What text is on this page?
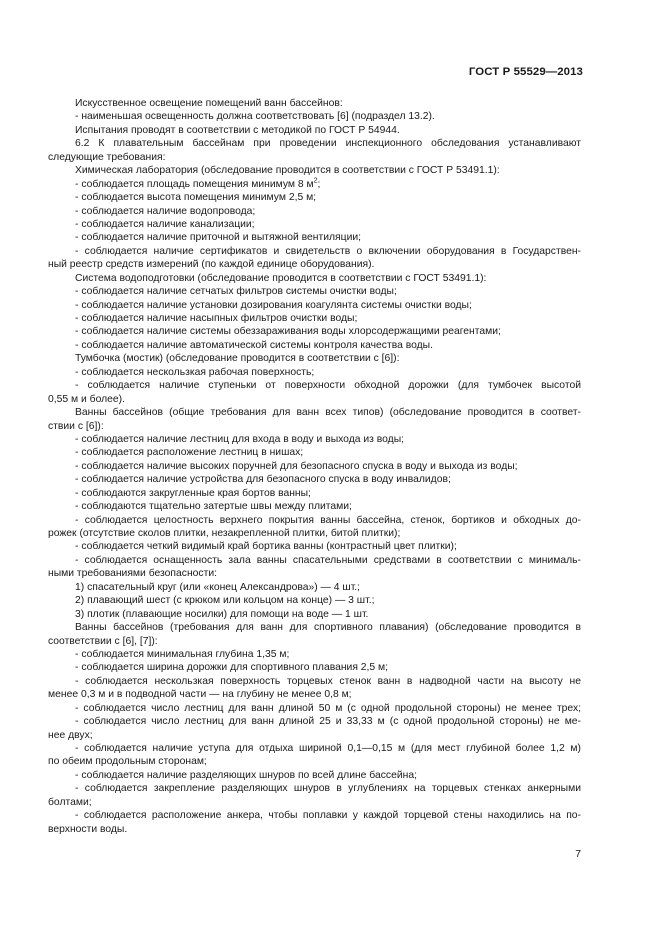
ГОСТ Р 55529—2013
Искусственное освещение помещений ванн бассейнов:
- наименьшая освещенность должна соответствовать [6] (подраздел 13.2).
Испытания проводят в соответствии с методикой по ГОСТ Р 54944.
6.2 К плавательным бассейнам при проведении инспекционного обследования устанавливают
следующие требования:
Химическая лаборатория (обследование проводится в соответствии с ГОСТ Р 53491.1):
- соблюдается площадь помещения минимум 8 $м^2$;
- соблюдается высота помещения минимум 2,5 м;
- соблюдается наличие водопровода;
- соблюдается наличие канализации;
- соблюдается наличие приточной и вытяжной вентиляции;
- соблюдается наличие сертификатов и свидетельств о включении оборудования в Государствен-
ный реестр средств измерений (по каждой единице оборудования).
Система водоподготовки (обследование проводится в соответствии с ГОСТ 53491.1):
- соблюдается наличие сетчатых фильтров системы очистки воды;
- соблюдается наличие установки дозирования коагулянта системы очистки воды;
- соблюдается наличие насыпных фильтров очистки воды;
- соблюдается наличие системы обеззараживания воды хлорсодержащими реагентами;
- соблюдается наличие автоматической системы контроля качества воды.
Тумбочка (мостик) (обследование проводится в соответствии с [6]):
- соблюдается нескользкая рабочая поверхность;
- соблюдается наличие ступеньки от поверхности обходной дорожки (для тумбочек высотой
0,55 м и более).
Ванны бассейнов (общие требования для ванн всех типов) (обследование проводится в соответ-
ствии с [6]):
- соблюдается наличие лестниц для входа в воду и выхода из воды;
- соблюдается расположение лестниц в нишах;
- соблюдается наличие высоких поручней для безопасного спуска в воду и выхода из воды;
- соблюдается наличие устройства для безопасного спуска в воду инвалидов;
- соблюдаются закругленные края бортов ванны;
- соблюдаются тщательно затертые швы между плитами;
- соблюдается целостность верхнего покрытия ванны бассейна, стенок, бортиков и обходных до-
рожек (отсутствие сколов плитки, незакрепленной плитки, битой плитки);
- соблюдается четкий видимый край бортика ванны (контрастный цвет плитки);
- соблюдается оснащенность зала ванны спасательными средствами в соответствии с минималь-
ными требованиями безопасности:
1) спасательный круг (или «конец Александрова») — 4 шт.;
2) плавающий шест (с крюком или кольцом на конце) — 3 шт.;
3) плотик (плавающие носилки) для помощи на воде — 1 шт.
Ванны бассейнов (требования для ванн для спортивного плавания) (обследование проводится в
соответствии с [6], [7]):
- соблюдается минимальная глубина 1,35 м;
- соблюдается ширина дорожки для спортивного плавания 2,5 м;
- соблюдается нескользкая поверхность торцевых стенок ванн в надводной части на высоту не
менее 0,3 м и в подводной части — на глубину не менее 0,8 м;
- соблюдается число лестниц для ванн длиной 50 м (с одной продольной стороны) не менее трех;
- соблюдается число лестниц для ванн длиной 25 и 33,33 м (с одной продольной стороны) не ме-
нее двух;
- соблюдается наличие уступа для отдыха шириной 0,1—0,15 м (для мест глубиной более 1,2 м)
по обеим продольным сторонам;
- соблюдается наличие разделяющих шнуров по всей длине бассейна;
- соблюдается закрепление разделяющих шнуров в углублениях на торцевых стенках анкерными
болтами;
- соблюдается расположение анкера, чтобы поплавки у каждой торцевой стены находились на по-
верхности воды.
7
